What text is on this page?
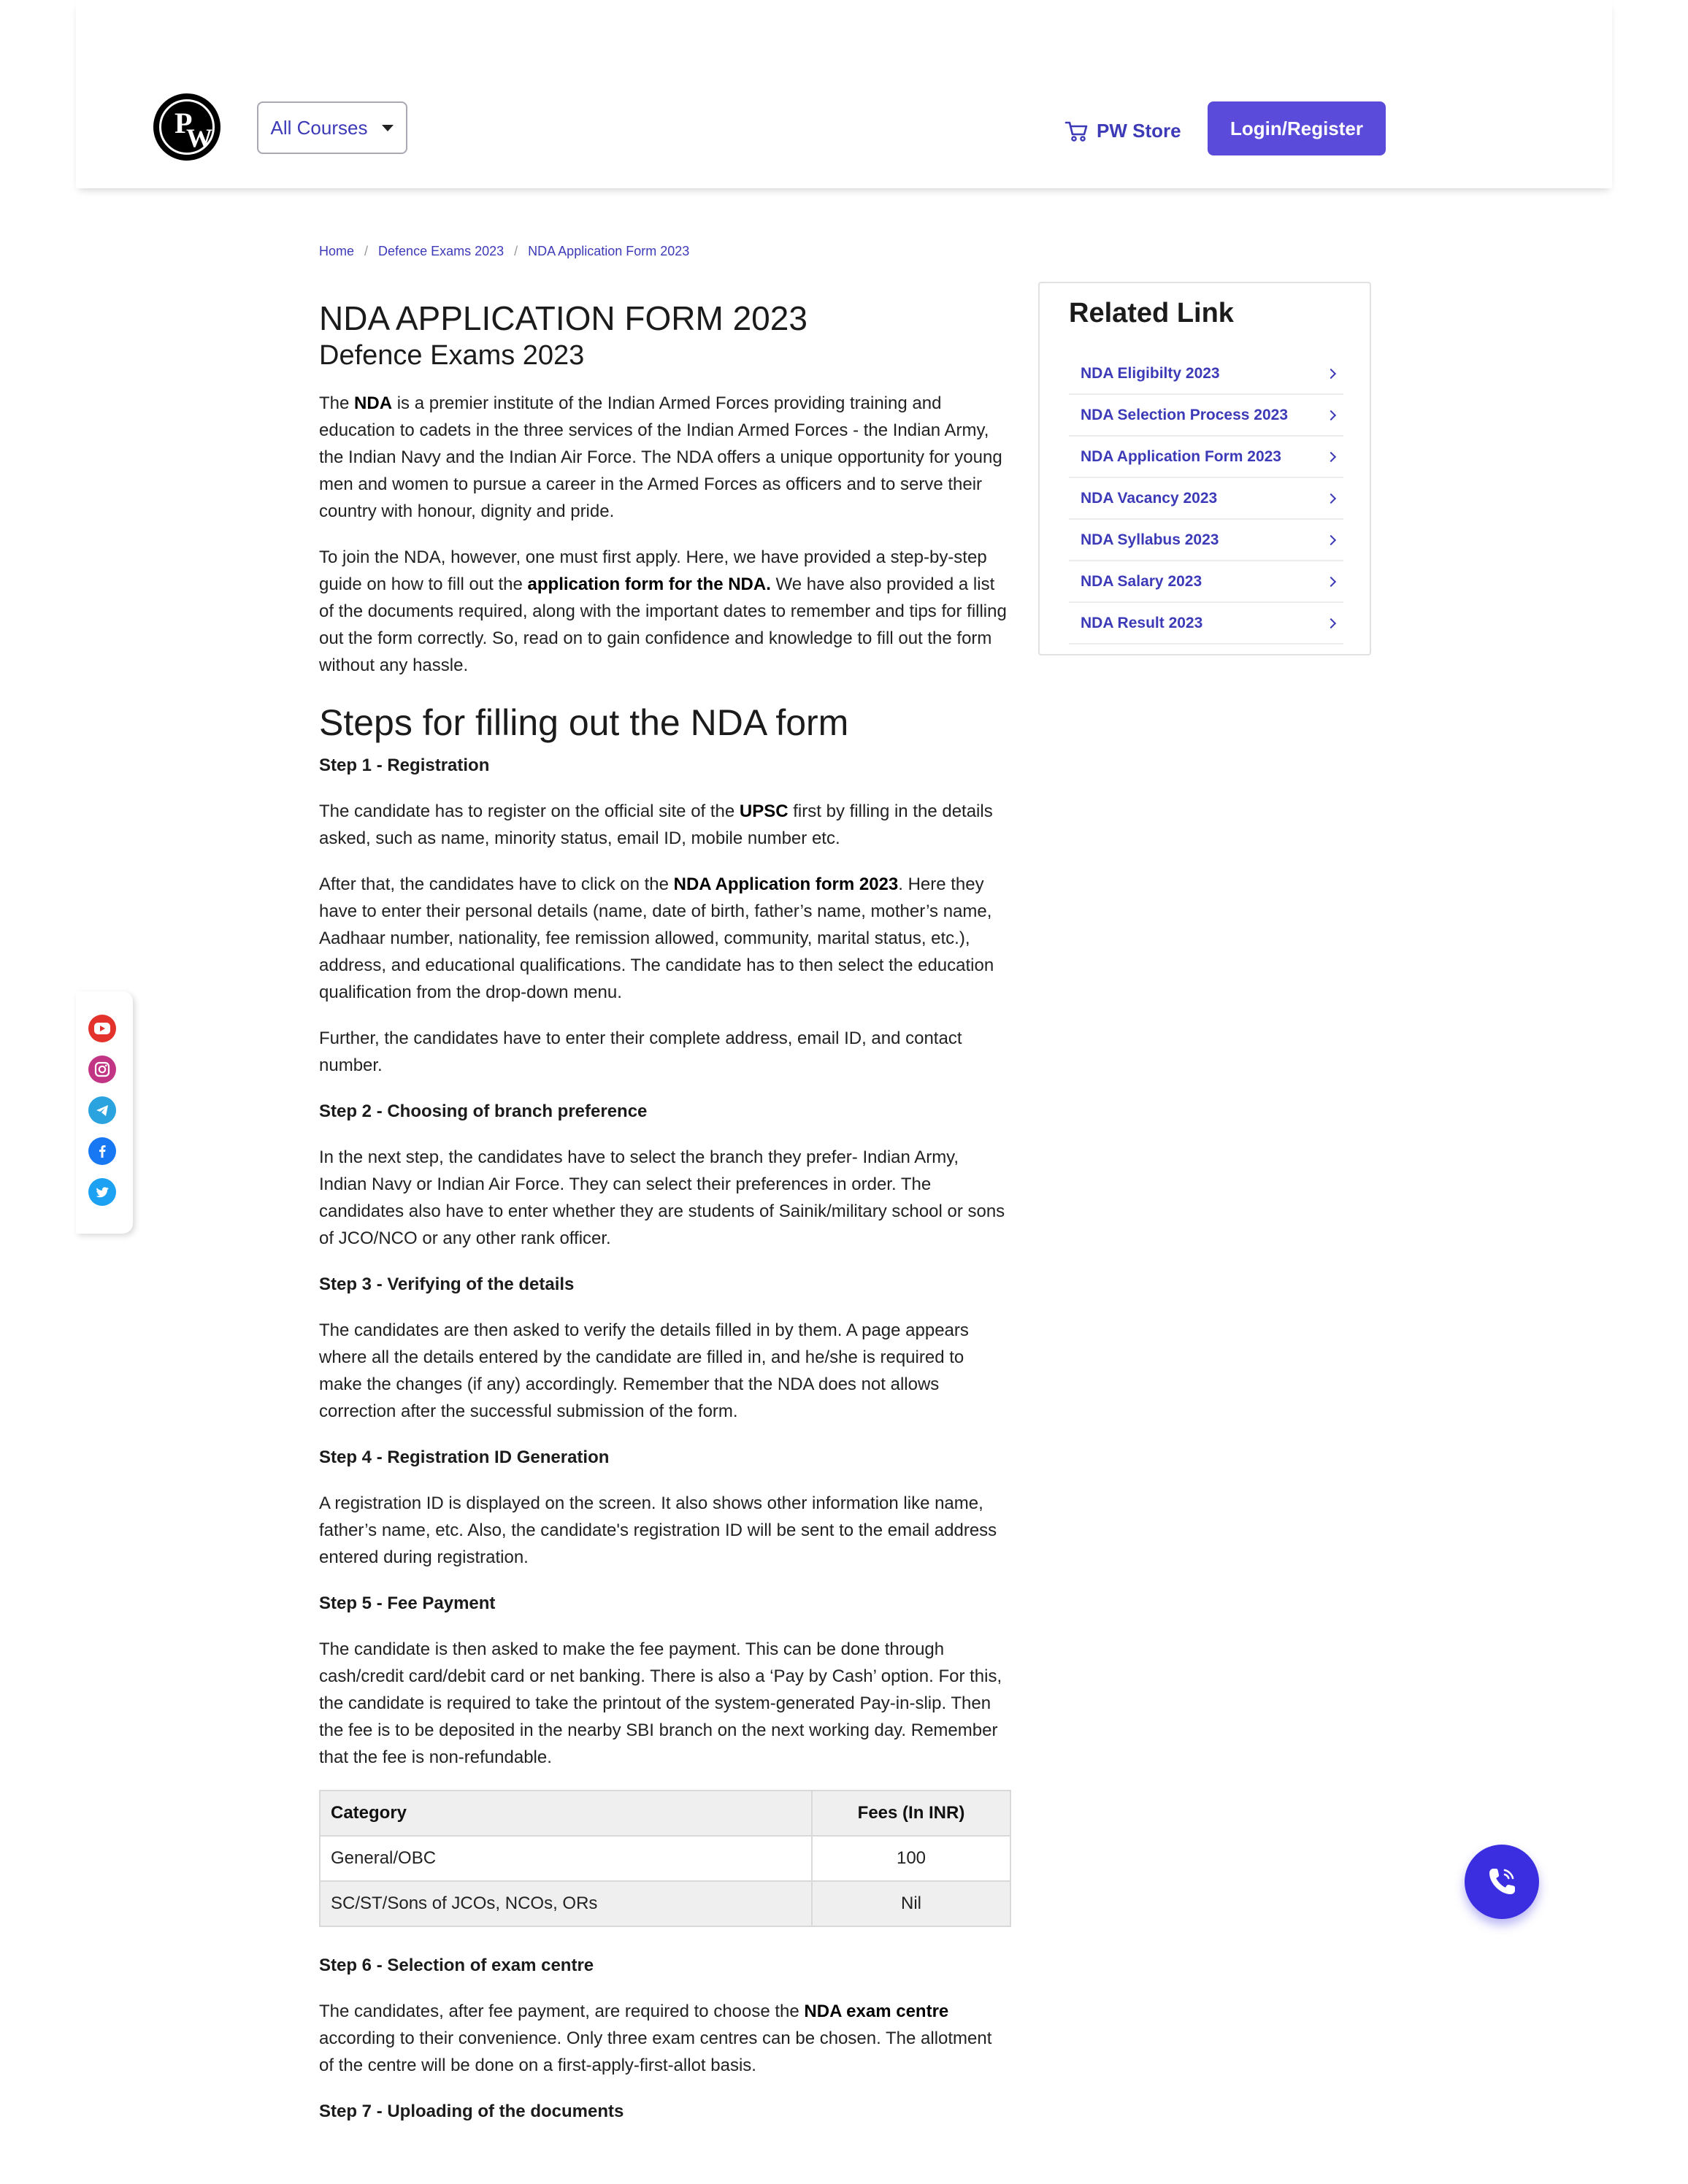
P
W	All Courses	PW Store	Login/Register
Home / Defence Exams 2023 / NDA Application Form 2023
NDA APPLICATION FORM 2023
Defence Exams 2023

The NDA is a premier institute of the Indian Armed Forces providing training and education to cadets in the three services of the Indian Armed Forces - the Indian Army, the Indian Navy and the Indian Air Force. The NDA offers a unique opportunity for young men and women to pursue a career in the Armed Forces as officers and to serve their country with honour, dignity and pride.

To join the NDA, however, one must first apply. Here, we have provided a step-by-step guide on how to fill out the application form for the NDA. We have also provided a list of the documents required, along with the important dates to remember and tips for filling out the form correctly. So, read on to gain confidence and knowledge to fill out the form without any hassle.

Steps for filling out the NDA form
Step 1 - Registration

The candidate has to register on the official site of the UPSC first by filling in the details asked, such as name, minority status, email ID, mobile number etc.

After that, the candidates have to click on the NDA Application form 2023. Here they have to enter their personal details (name, date of birth, father’s name, mother’s name, Aadhaar number, nationality, fee remission allowed, community, marital status, etc.), address, and educational qualifications. The candidate has to then select the education qualification from the drop-down menu.

Further, the candidates have to enter their complete address, email ID, and contact number.

Step 2 - Choosing of branch preference

In the next step, the candidates have to select the branch they prefer- Indian Army, Indian Navy or Indian Air Force. They can select their preferences in order. The candidates also have to enter whether they are students of Sainik/military school or sons of JCO/NCO or any other rank officer.

Step 3 - Verifying of the details

The candidates are then asked to verify the details filled in by them. A page appears where all the details entered by the candidate are filled in, and he/she is required to make the changes (if any) accordingly. Remember that the NDA does not allows correction after the successful submission of the form.

Step 4 - Registration ID Generation

A registration ID is displayed on the screen. It also shows other information like name, father’s name, etc. Also, the candidate's registration ID will be sent to the email address entered during registration.

Step 5 - Fee Payment

The candidate is then asked to make the fee payment. This can be done through cash/credit card/debit card or net banking. There is also a ‘Pay by Cash’ option. For this, the candidate is required to take the printout of the system-generated Pay-in-slip. Then the fee is to be deposited in the nearby SBI branch on the next working day. Remember that the fee is non-refundable.

Category	Fees (In INR)
General/OBC	100
SC/ST/Sons of JCOs, NCOs, ORs	Nil
Step 6 - Selection of exam centre

The candidates, after fee payment, are required to choose the NDA exam centre according to their convenience. Only three exam centres can be chosen. The allotment of the centre will be done on a first-apply-first-allot basis.

Step 7 - Uploading of the documents
Related Link
NDA Eligibilty 2023
NDA Selection Process 2023
NDA Application Form 2023
NDA Vacancy 2023
NDA Syllabus 2023
NDA Salary 2023
NDA Result 2023
